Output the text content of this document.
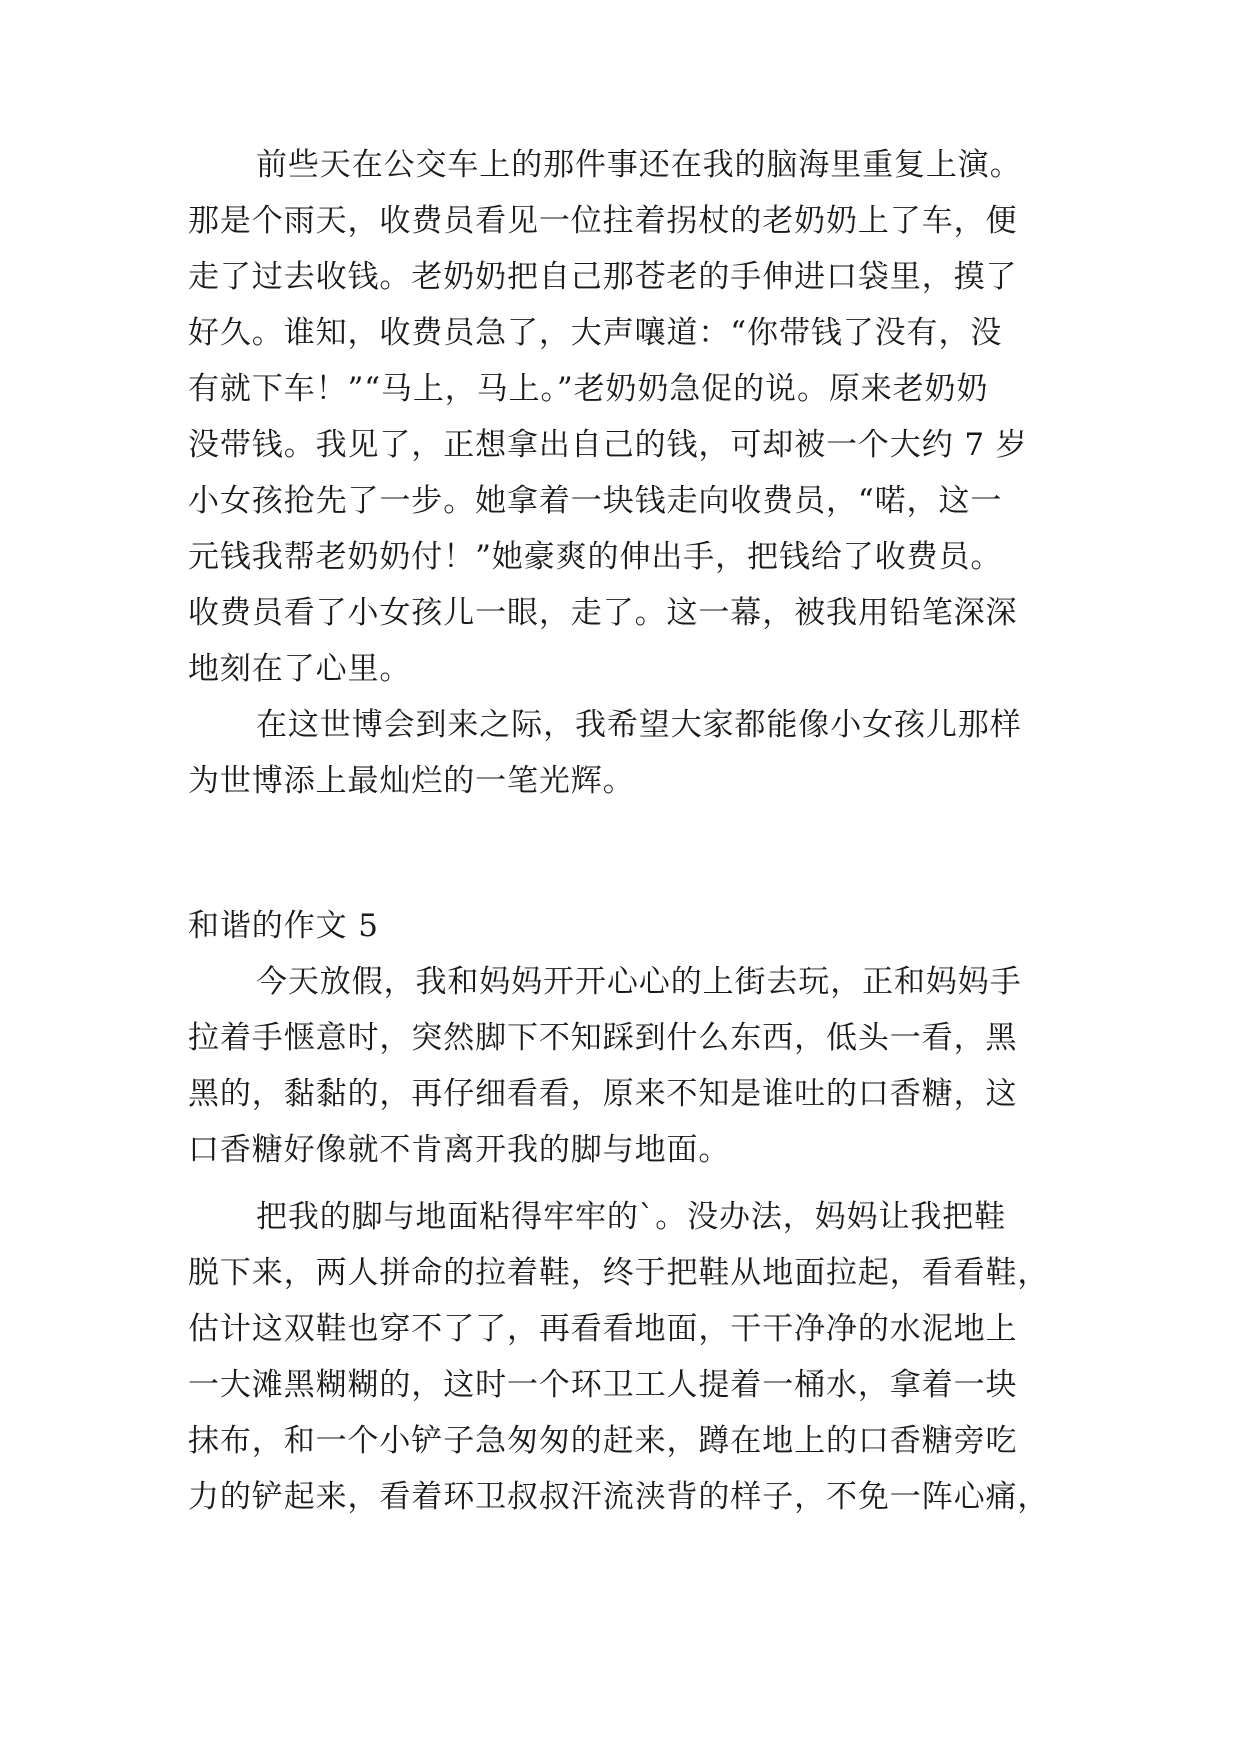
前些天在公交车上的那件事还在我的脑海里重复上演。
那是个雨天，收费员看见一位拄着拐杖的老奶奶上了车，便
走了过去收钱。老奶奶把自己那苍老的手伸进口袋里，摸了
好久。谁知，收费员急了，大声嚷道：“你带钱了没有，没
有就下车！”“马上，马上。”老奶奶急促的说。原来老奶奶
没带钱。我见了，正想拿出自己的钱，可却被一个大约 7 岁
小女孩抢先了一步。她拿着一块钱走向收费员，“喏，这一
元钱我帮老奶奶付！”她豪爽的伸出手，把钱给了收费员。
收费员看了小女孩儿一眼，走了。这一幕，被我用铅笔深深
地刻在了心里。
在这世博会到来之际，我希望大家都能像小女孩儿那样
为世博添上最灿烂的一笔光辉。
和谐的作文 5
今天放假，我和妈妈开开心心的上街去玩，正和妈妈手
拉着手惬意时，突然脚下不知踩到什么东西，低头一看，黑
黑的，黏黏的，再仔细看看，原来不知是谁吐的口香糖，这
口香糖好像就不肯离开我的脚与地面。
把我的脚与地面粘得牢牢的`。没办法，妈妈让我把鞋
脱下来，两人拼命的拉着鞋，终于把鞋从地面拉起，看看鞋，
估计这双鞋也穿不了了，再看看地面，干干净净的水泥地上
一大滩黑糊糊的，这时一个环卫工人提着一桶水，拿着一块
抹布，和一个小铲子急匆匆的赶来，蹲在地上的口香糖旁吃
力的铲起来，看着环卫叔叔汗流浃背的样子，不免一阵心痛，
